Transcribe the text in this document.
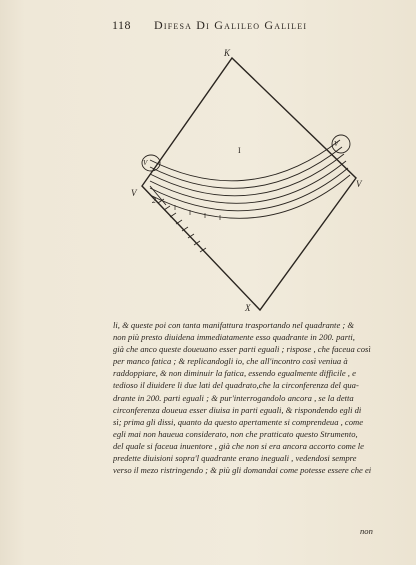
118 Difesa Di Galileo Galilei
K
V
V
X
I
2
V
V
li, & queste poi con tanta manifattura trasportando nel quadrante ; &
non più presto diuidena immediatamente esso quadrante in 200. parti,
già che anco queste doueuano esser parti eguali ; rispose , che faceua così
per manco fatica ; & replicandogli io, che all'incontro così veniua à
raddoppiare, & non diminuir la fatica, essendo egualmente difficile , e
tedioso il diuidere li due lati del quadrato,che la circonferenza del qua-
drante in 200. parti eguali ; & pur'interrogandolo ancora , se la detta
circonferenza doueua esser diuisa in parti eguali, & rispondendo egli di
sì; prima gli dissi, quanto da questo apertamente si comprendeua , come
egli mai non haueua considerato, non che pratticato questo Strumento,
del quale si faceua inuentore , già che non si era ancora accorto come le
predette diuisioni sopra'l quadrante erano ineguali , vedendosi sempre
verso il mezo ristringendo ; & più gli domandai come potesse essere che ei
non
